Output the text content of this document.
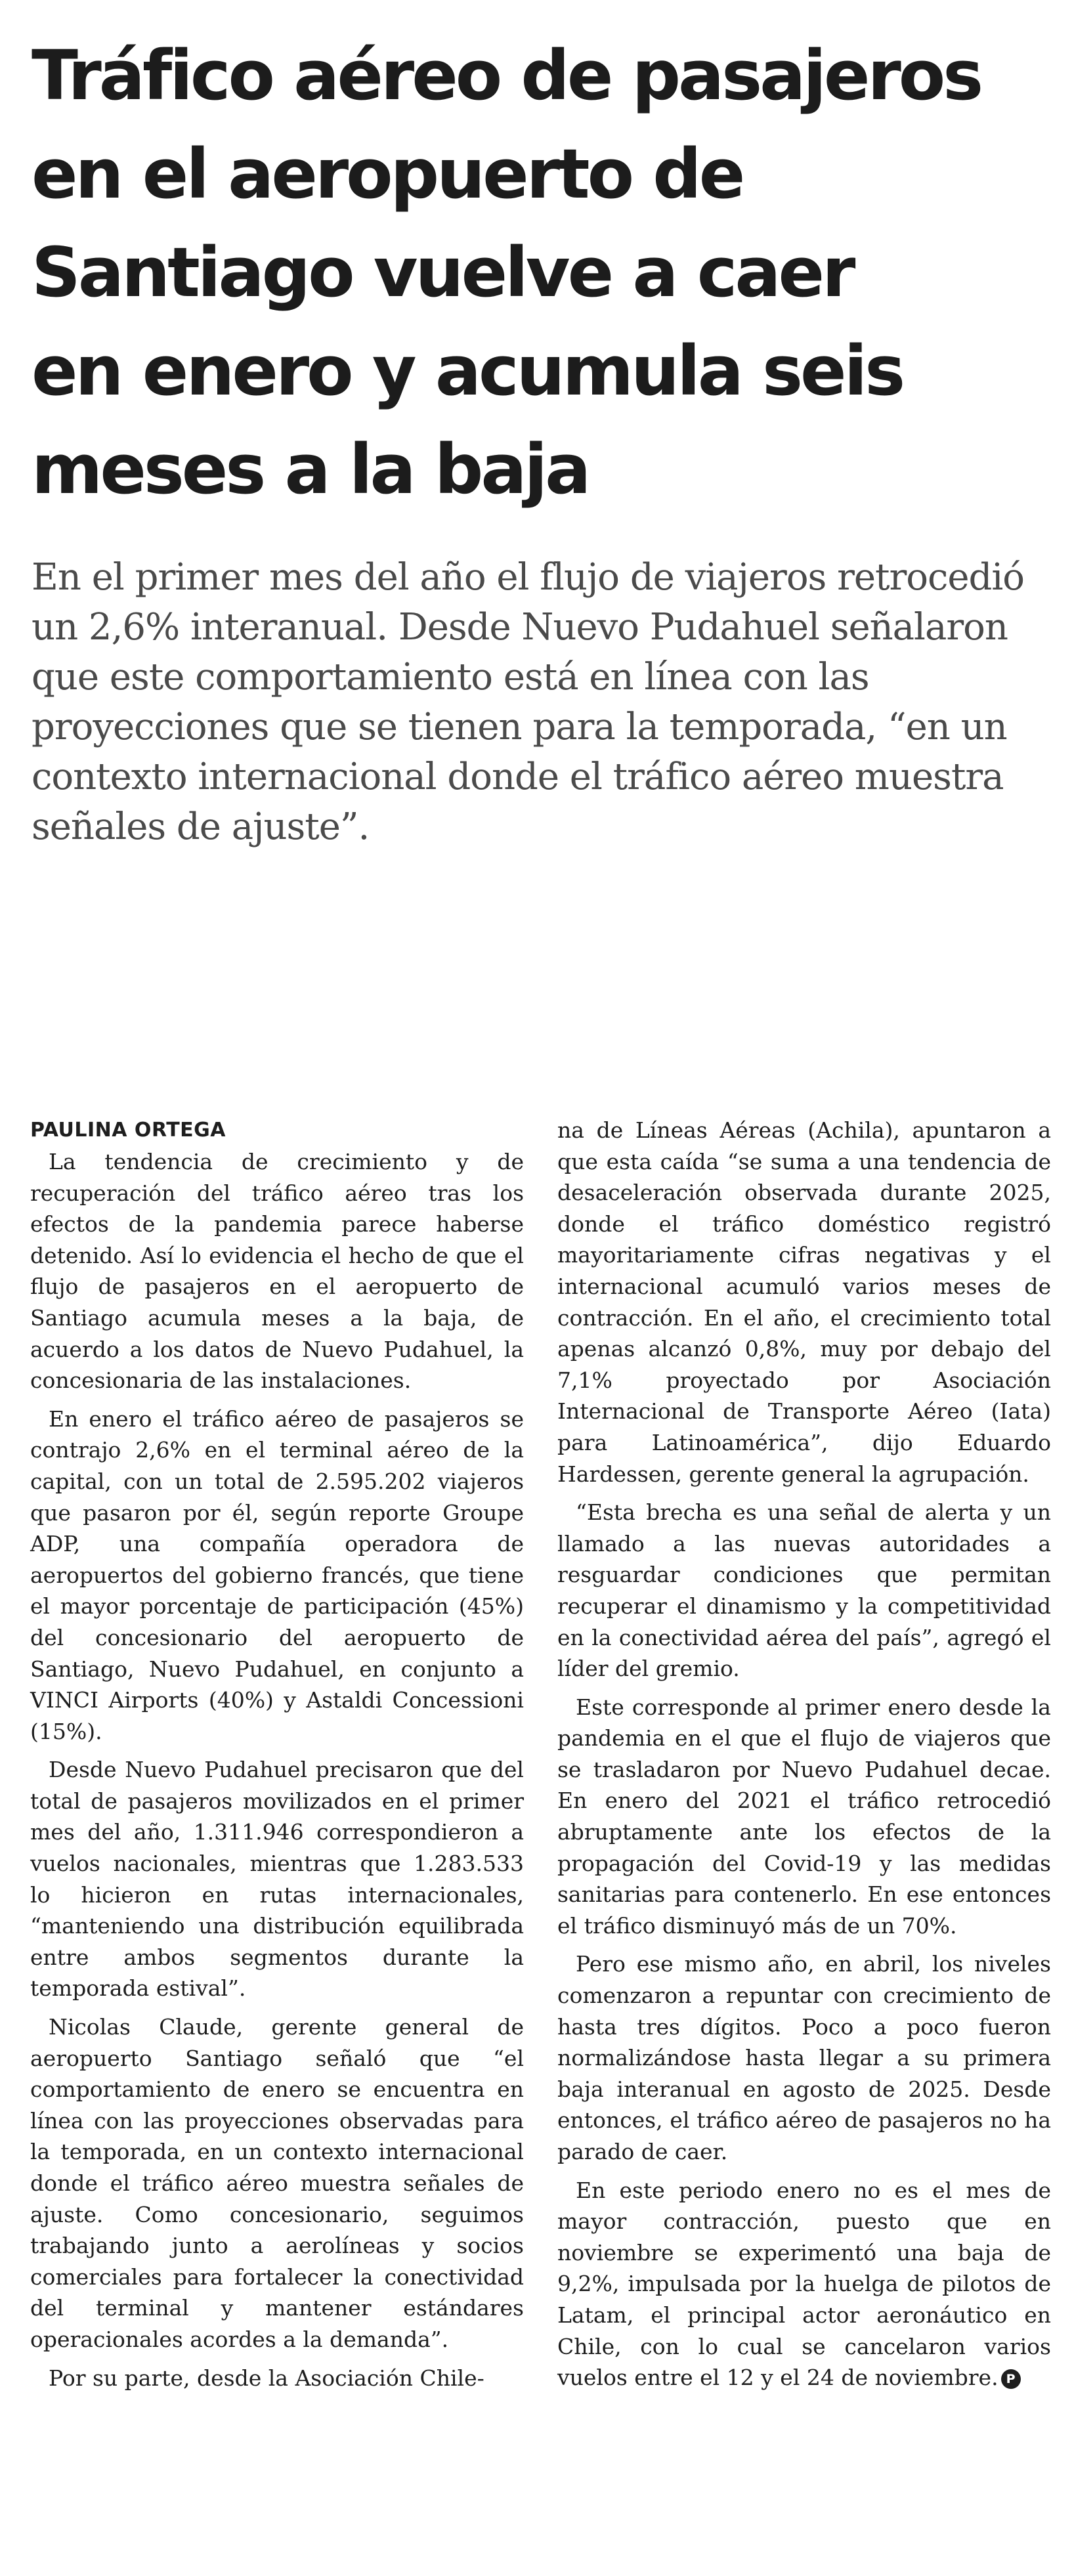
Tráfico aéreo de pasajeros
en el aeropuerto de
Santiago vuelve a caer
en enero y acumula seis
meses a la baja
En el primer mes del año el flujo de viajeros retrocedió
un 2,6% interanual. Desde Nuevo Pudahuel señalaron
que este comportamiento está en línea con las
proyecciones que se tienen para la temporada, “en un
contexto internacional donde el tráfico aéreo muestra
señales de ajuste”.

PAULINA ORTEGA

La tendencia de crecimiento y de recuperación del tráfico aéreo tras los efectos de la pandemia parece haberse detenido. Así lo evidencia el hecho de que el flujo de pasajeros en el aeropuerto de Santiago acumula meses a la baja, de acuerdo a los datos de Nuevo Pudahuel, la concesionaria de las instalaciones.

En enero el tráfico aéreo de pasajeros se contrajo 2,6% en el terminal aéreo de la capital, con un total de 2.595.202 viajeros que pasaron por él, según reporte Groupe ADP, una compañía operadora de aeropuertos del gobierno francés, que tiene el mayor porcentaje de participación (45%) del concesionario del aeropuerto de Santiago, Nuevo Pudahuel, en conjunto a VINCI Airports (40%) y Astaldi Concessioni (15%).

Desde Nuevo Pudahuel precisaron que del total de pasajeros movilizados en el primer mes del año, 1.311.946 correspondieron a vuelos nacionales, mientras que 1.283.533 lo hicieron en rutas internacionales, “manteniendo una distribución equilibrada entre ambos segmentos durante la temporada estival”.

Nicolas Claude, gerente general de aeropuerto Santiago señaló que “el comportamiento de enero se encuentra en línea con las proyecciones observadas para la temporada, en un contexto internacional donde el tráfico aéreo muestra señales de ajuste. Como concesionario, seguimos trabajando junto a aerolíneas y socios comerciales para fortalecer la conectividad del terminal y mantener estándares operacionales acordes a la demanda”.

Por su parte, desde la Asociación Chile-

na de Líneas Aéreas (Achila), apuntaron a que esta caída “se suma a una tendencia de desaceleración observada durante 2025, donde el tráfico doméstico registró mayoritariamente cifras negativas y el internacional acumuló varios meses de contracción. En el año, el crecimiento total apenas alcanzó 0,8%, muy por debajo del 7,1% proyectado por Asociación Internacional de Transporte Aéreo (Iata) para Latinoamérica”, dijo Eduardo Hardessen, gerente general la agrupación.

“Esta brecha es una señal de alerta y un llamado a las nuevas autoridades a resguardar condiciones que permitan recuperar el dinamismo y la competitividad en la conectividad aérea del país”, agregó el líder del gremio.

Este corresponde al primer enero desde la pandemia en el que el flujo de viajeros que se trasladaron por Nuevo Pudahuel decae. En enero del 2021 el tráfico retrocedió abruptamente ante los efectos de la propagación del Covid-19 y las medidas sanitarias para contenerlo. En ese entonces el tráfico disminuyó más de un 70%.

Pero ese mismo año, en abril, los niveles comenzaron a repuntar con crecimiento de hasta tres dígitos. Poco a poco fueron normalizándose hasta llegar a su primera baja interanual en agosto de 2025. Desde entonces, el tráfico aéreo de pasajeros no ha parado de caer.

En este periodo enero no es el mes de mayor contracción, puesto que en noviembre se experimentó una baja de 9,2%, impulsada por la huelga de pilotos de Latam, el principal actor aeronáutico en Chile, con lo cual se cancelaron varios vuelos entre el 12 y el 24 de noviembre. P
